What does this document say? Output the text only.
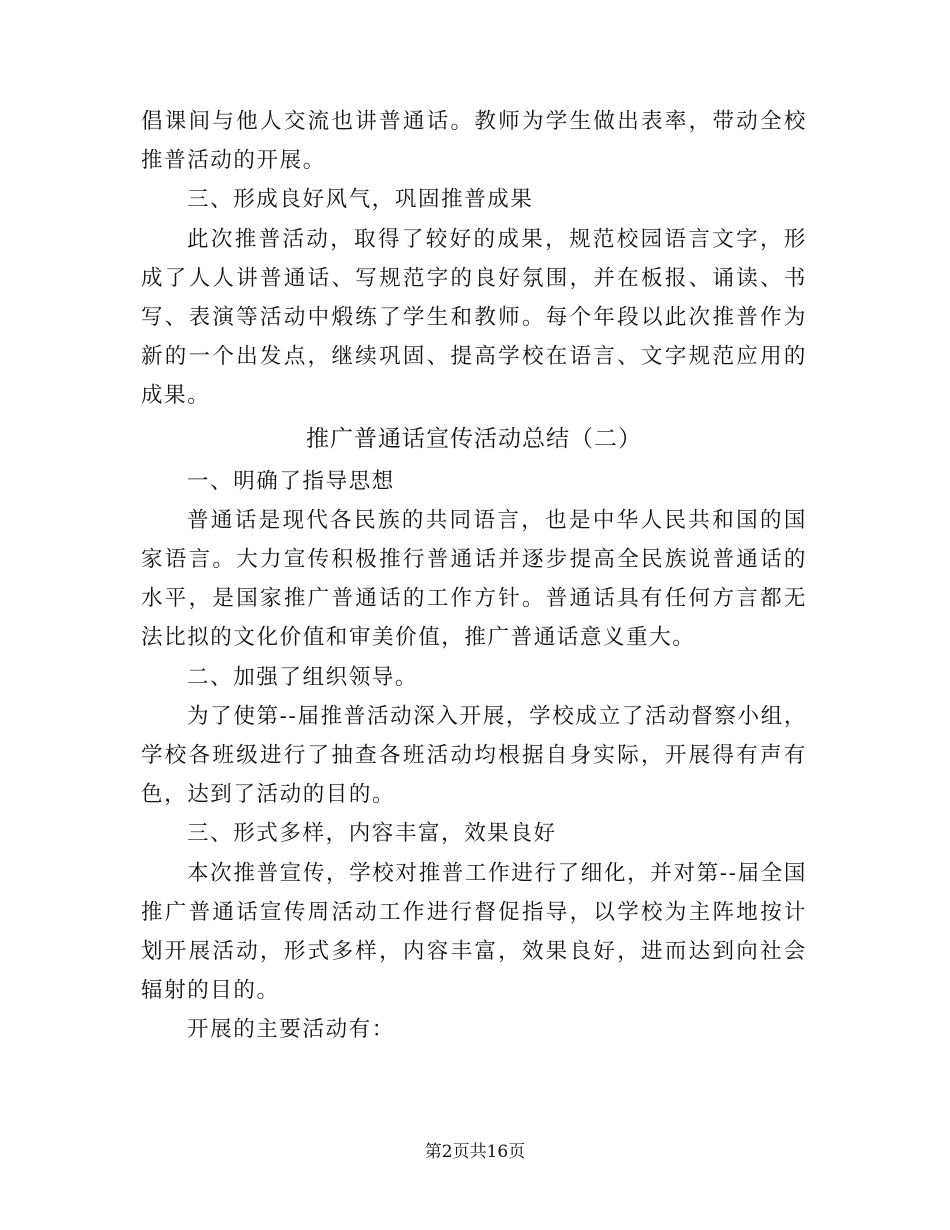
倡课间与他人交流也讲普通话。教师为学生做出表率，带动全校推普活动的开展。

三、形成良好风气，巩固推普成果

此次推普活动，取得了较好的成果，规范校园语言文字，形成了人人讲普通话、写规范字的良好氛围，并在板报、诵读、书写、表演等活动中煅练了学生和教师。每个年段以此次推普作为新的一个出发点，继续巩固、提高学校在语言、文字规范应用的成果。

推广普通话宣传活动总结（二）

一、明确了指导思想

普通话是现代各民族的共同语言，也是中华人民共和国的国家语言。大力宣传积极推行普通话并逐步提高全民族说普通话的水平，是国家推广普通话的工作方针。普通话具有任何方言都无法比拟的文化价值和审美价值，推广普通话意义重大。

二、加强了组织领导。

为了使第--届推普活动深入开展，学校成立了活动督察小组，学校各班级进行了抽查各班活动均根据自身实际，开展得有声有色，达到了活动的目的。

三、形式多样，内容丰富，效果良好

本次推普宣传，学校对推普工作进行了细化，并对第--届全国推广普通话宣传周活动工作进行督促指导，以学校为主阵地按计划开展活动，形式多样，内容丰富，效果良好，进而达到向社会辐射的目的。

开展的主要活动有：

第2页共16页
